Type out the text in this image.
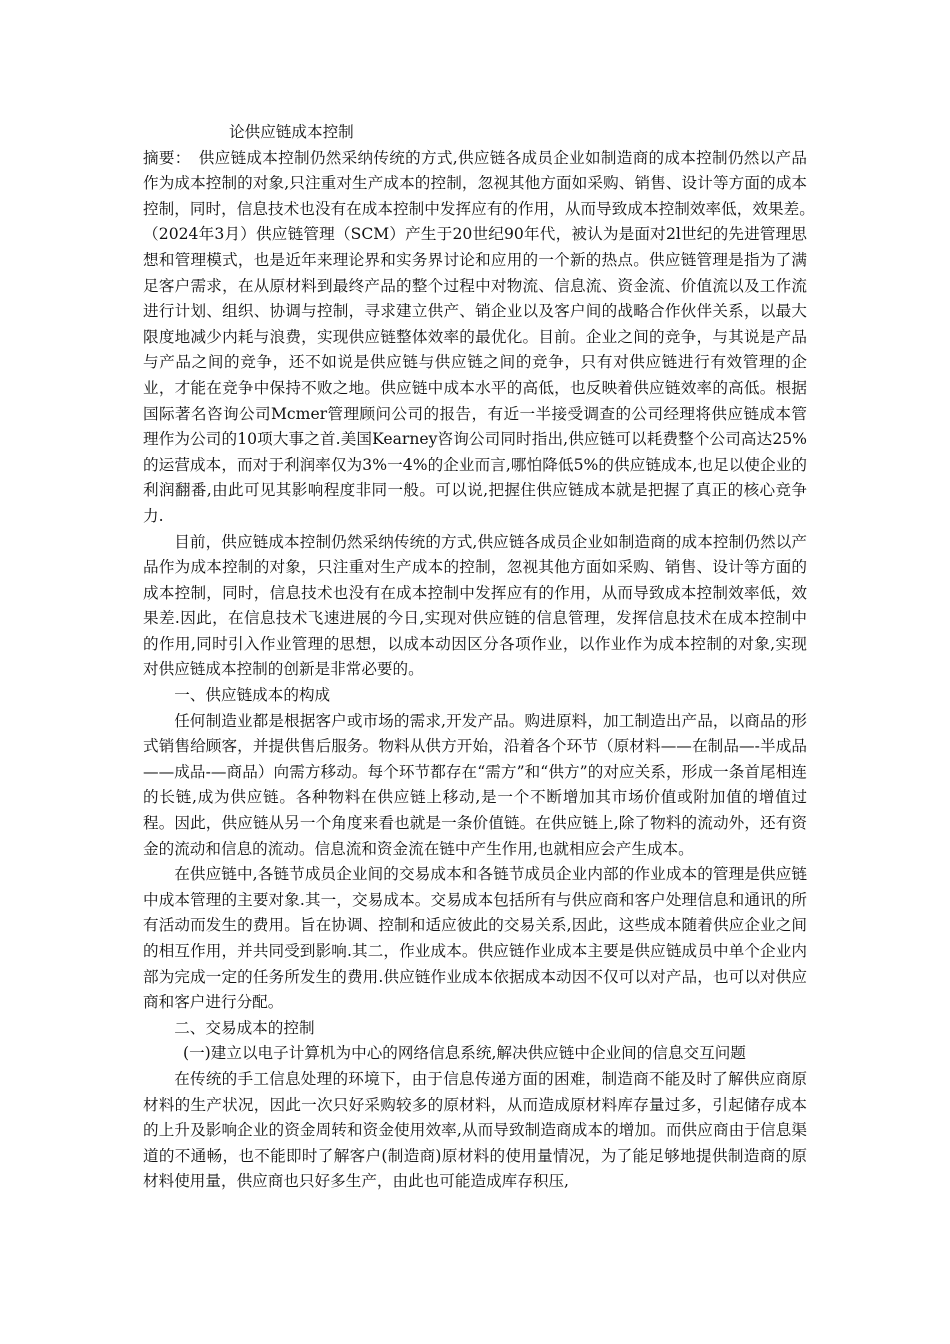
论供应链成本控制

摘要：　供应链成本控制仍然采纳传统的方式,供应链各成员企业如制造商的成本控制仍然以产品作为成本控制的对象,只注重对生产成本的控制，忽视其他方面如采购、销售、设计等方面的成本控制，同时，信息技术也没有在成本控制中发挥应有的作用，从而导致成本控制效率低，效果差。　　（2024年3月）供应链管理（SCM）产生于20世纪90年代，被认为是面对2l世纪的先进管理思想和管理模式，也是近年来理论界和实务界讨论和应用的一个新的热点。供应链管理是指为了满足客户需求，在从原材料到最终产品的整个过程中对物流、信息流、资金流、价值流以及工作流进行计划、组织、协调与控制，寻求建立供产、销企业以及客户间的战略合作伙伴关系，以最大限度地减少内耗与浪费，实现供应链整体效率的最优化。目前。企业之间的竞争，与其说是产品与产品之间的竞争，还不如说是供应链与供应链之间的竞争，只有对供应链进行有效管理的企业，才能在竞争中保持不败之地。供应链中成本水平的高低，也反映着供应链效率的高低。根据国际著名咨询公司Mcmer管理顾问公司的报告，有近一半接受调查的公司经理将供应链成本管理作为公司的10项大事之首.美国Kearney咨询公司同时指出,供应链可以耗费整个公司高达25%的运营成本，而对于利润率仅为3%一4%的企业而言,哪怕降低5%的供应链成本,也足以使企业的利润翻番,由此可见其影响程度非同一般。可以说,把握住供应链成本就是把握了真正的核心竞争力.

目前，供应链成本控制仍然采纳传统的方式,供应链各成员企业如制造商的成本控制仍然以产品作为成本控制的对象，只注重对生产成本的控制，忽视其他方面如采购、销售、设计等方面的成本控制，同时，信息技术也没有在成本控制中发挥应有的作用，从而导致成本控制效率低，效果差.因此，在信息技术飞速进展的今日,实现对供应链的信息管理，发挥信息技术在成本控制中的作用,同时引入作业管理的思想，以成本动因区分各项作业，以作业作为成本控制的对象,实现对供应链成本控制的创新是非常必要的。

一、供应链成本的构成

任何制造业都是根据客户或市场的需求,开发产品。购进原料，加工制造出产品，以商品的形式销售给顾客，并提供售后服务。物料从供方开始，沿着各个环节（原材料——在制品—-半成品——成品-—商品）向需方移动。每个环节都存在“需方”和“供方”的对应关系，形成一条首尾相连的长链,成为供应链。各种物料在供应链上移动,是一个不断增加其市场价值或附加值的增值过程。因此，供应链从另一个角度来看也就是一条价值链。在供应链上,除了物料的流动外，还有资金的流动和信息的流动。信息流和资金流在链中产生作用,也就相应会产生成本。

在供应链中,各链节成员企业间的交易成本和各链节成员企业内部的作业成本的管理是供应链中成本管理的主要对象.其一，交易成本。交易成本包括所有与供应商和客户处理信息和通讯的所有活动而发生的费用。旨在协调、控制和适应彼此的交易关系,因此，这些成本随着供应企业之间的相互作用，并共同受到影响.其二，作业成本。供应链作业成本主要是供应链成员中单个企业内部为完成一定的任务所发生的费用.供应链作业成本依据成本动因不仅可以对产品，也可以对供应商和客户进行分配。

二、交易成本的控制

(一)建立以电子计算机为中心的网络信息系统,解决供应链中企业间的信息交互问题

在传统的手工信息处理的环境下，由于信息传递方面的困难，制造商不能及时了解供应商原材料的生产状况，因此一次只好采购较多的原材料，从而造成原材料库存量过多，引起储存成本的上升及影响企业的资金周转和资金使用效率,从而导致制造商成本的增加。而供应商由于信息渠道的不通畅，也不能即时了解客户(制造商)原材料的使用量情况，为了能足够地提供制造商的原材料使用量，供应商也只好多生产，由此也可能造成库存积压,
